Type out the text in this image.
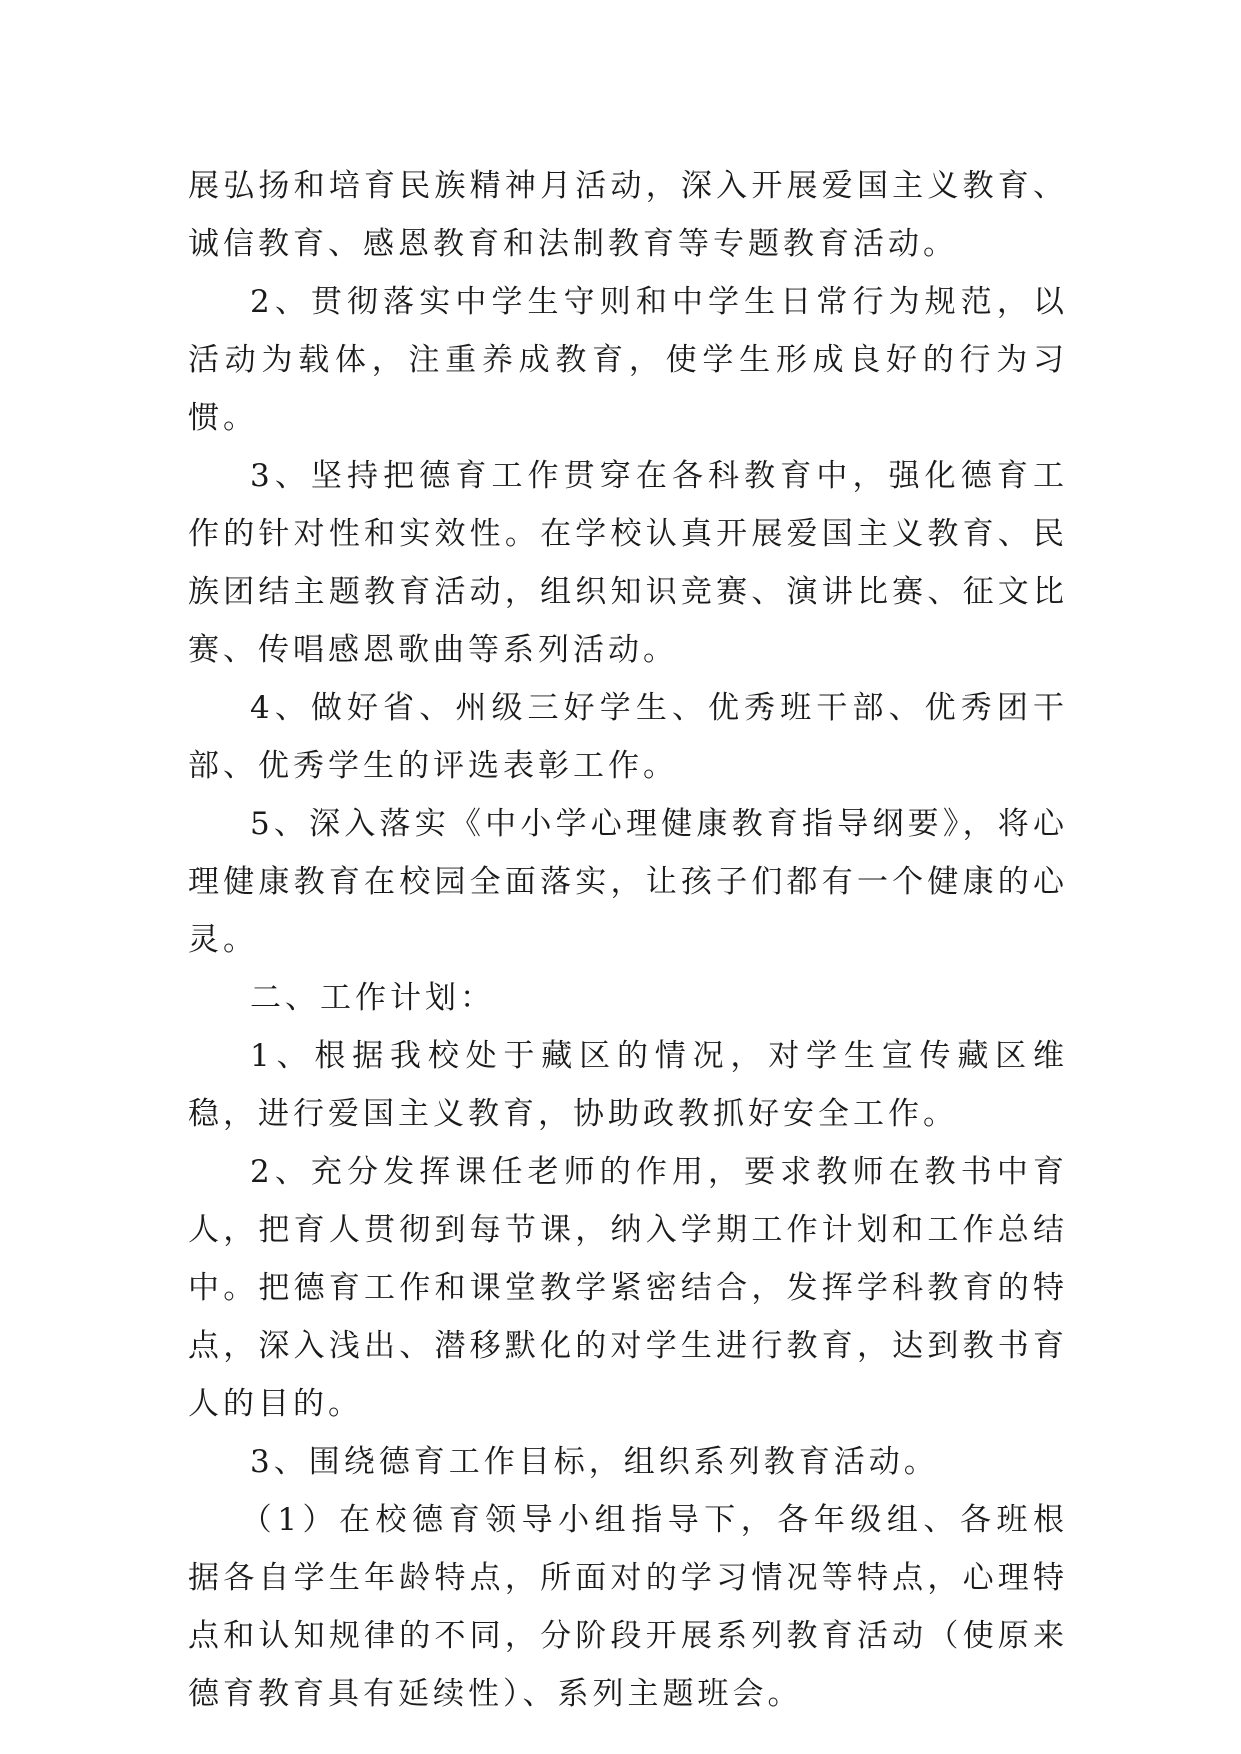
展弘扬和培育民族精神月活动，深入开展爱国主义教育、诚信教育、感恩教育和法制教育等专题教育活动。

2、贯彻落实中学生守则和中学生日常行为规范，以活动为载体，注重养成教育，使学生形成良好的行为习惯。

3、坚持把德育工作贯穿在各科教育中，强化德育工作的针对性和实效性。在学校认真开展爱国主义教育、民族团结主题教育活动，组织知识竞赛、演讲比赛、征文比赛、传唱感恩歌曲等系列活动。

4、做好省、州级三好学生、优秀班干部、优秀团干部、优秀学生的评选表彰工作。

5、深入落实《中小学心理健康教育指导纲要》，将心理健康教育在校园全面落实，让孩子们都有一个健康的心灵。

二、工作计划：

1、根据我校处于藏区的情况，对学生宣传藏区维稳，进行爱国主义教育，协助政教抓好安全工作。

2、充分发挥课任老师的作用，要求教师在教书中育人，把育人贯彻到每节课，纳入学期工作计划和工作总结中。把德育工作和课堂教学紧密结合，发挥学科教育的特点，深入浅出、潜移默化的对学生进行教育，达到教书育人的目的。

3、围绕德育工作目标，组织系列教育活动。

（1）在校德育领导小组指导下，各年级组、各班根据各自学生年龄特点，所面对的学习情况等特点，心理特点和认知规律的不同，分阶段开展系列教育活动（使原来德育教育具有延续性）、系列主题班会。
